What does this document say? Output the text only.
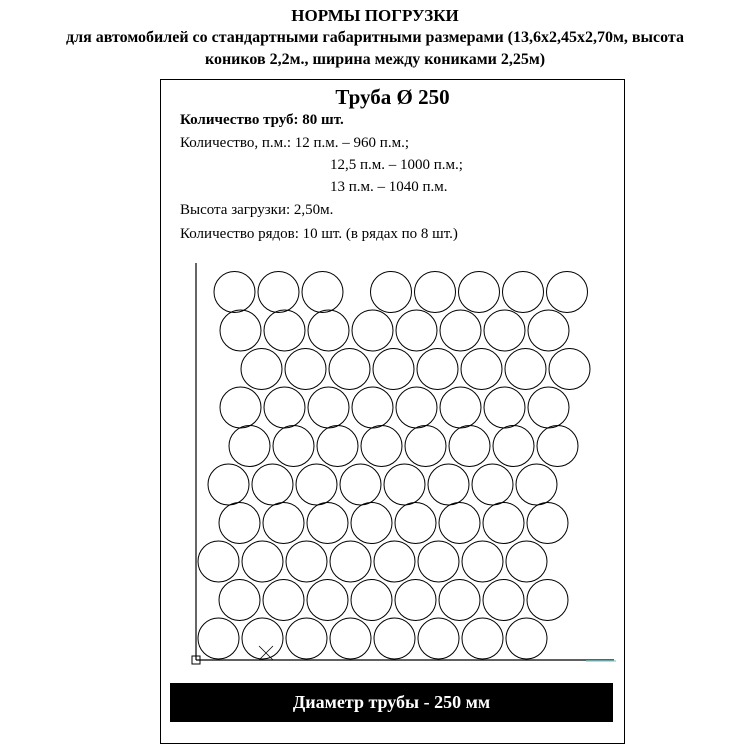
НОРМЫ ПОГРУЗКИ
для автомобилей со стандартными габаритными размерами (13,6х2,45х2,70м, высота
коников 2,2м., ширина между кониками 2,25м)
Труба Ø 250
Количество труб: 80 шт.
Количество, п.м.: 12 п.м. – 960 п.м.;
12,5 п.м. – 1000 п.м.;
13 п.м. – 1040 п.м.
Высота загрузки: 2,50м.
Количество рядов: 10 шт. (в рядах по 8 шт.)
Диаметр трубы - 250 мм
